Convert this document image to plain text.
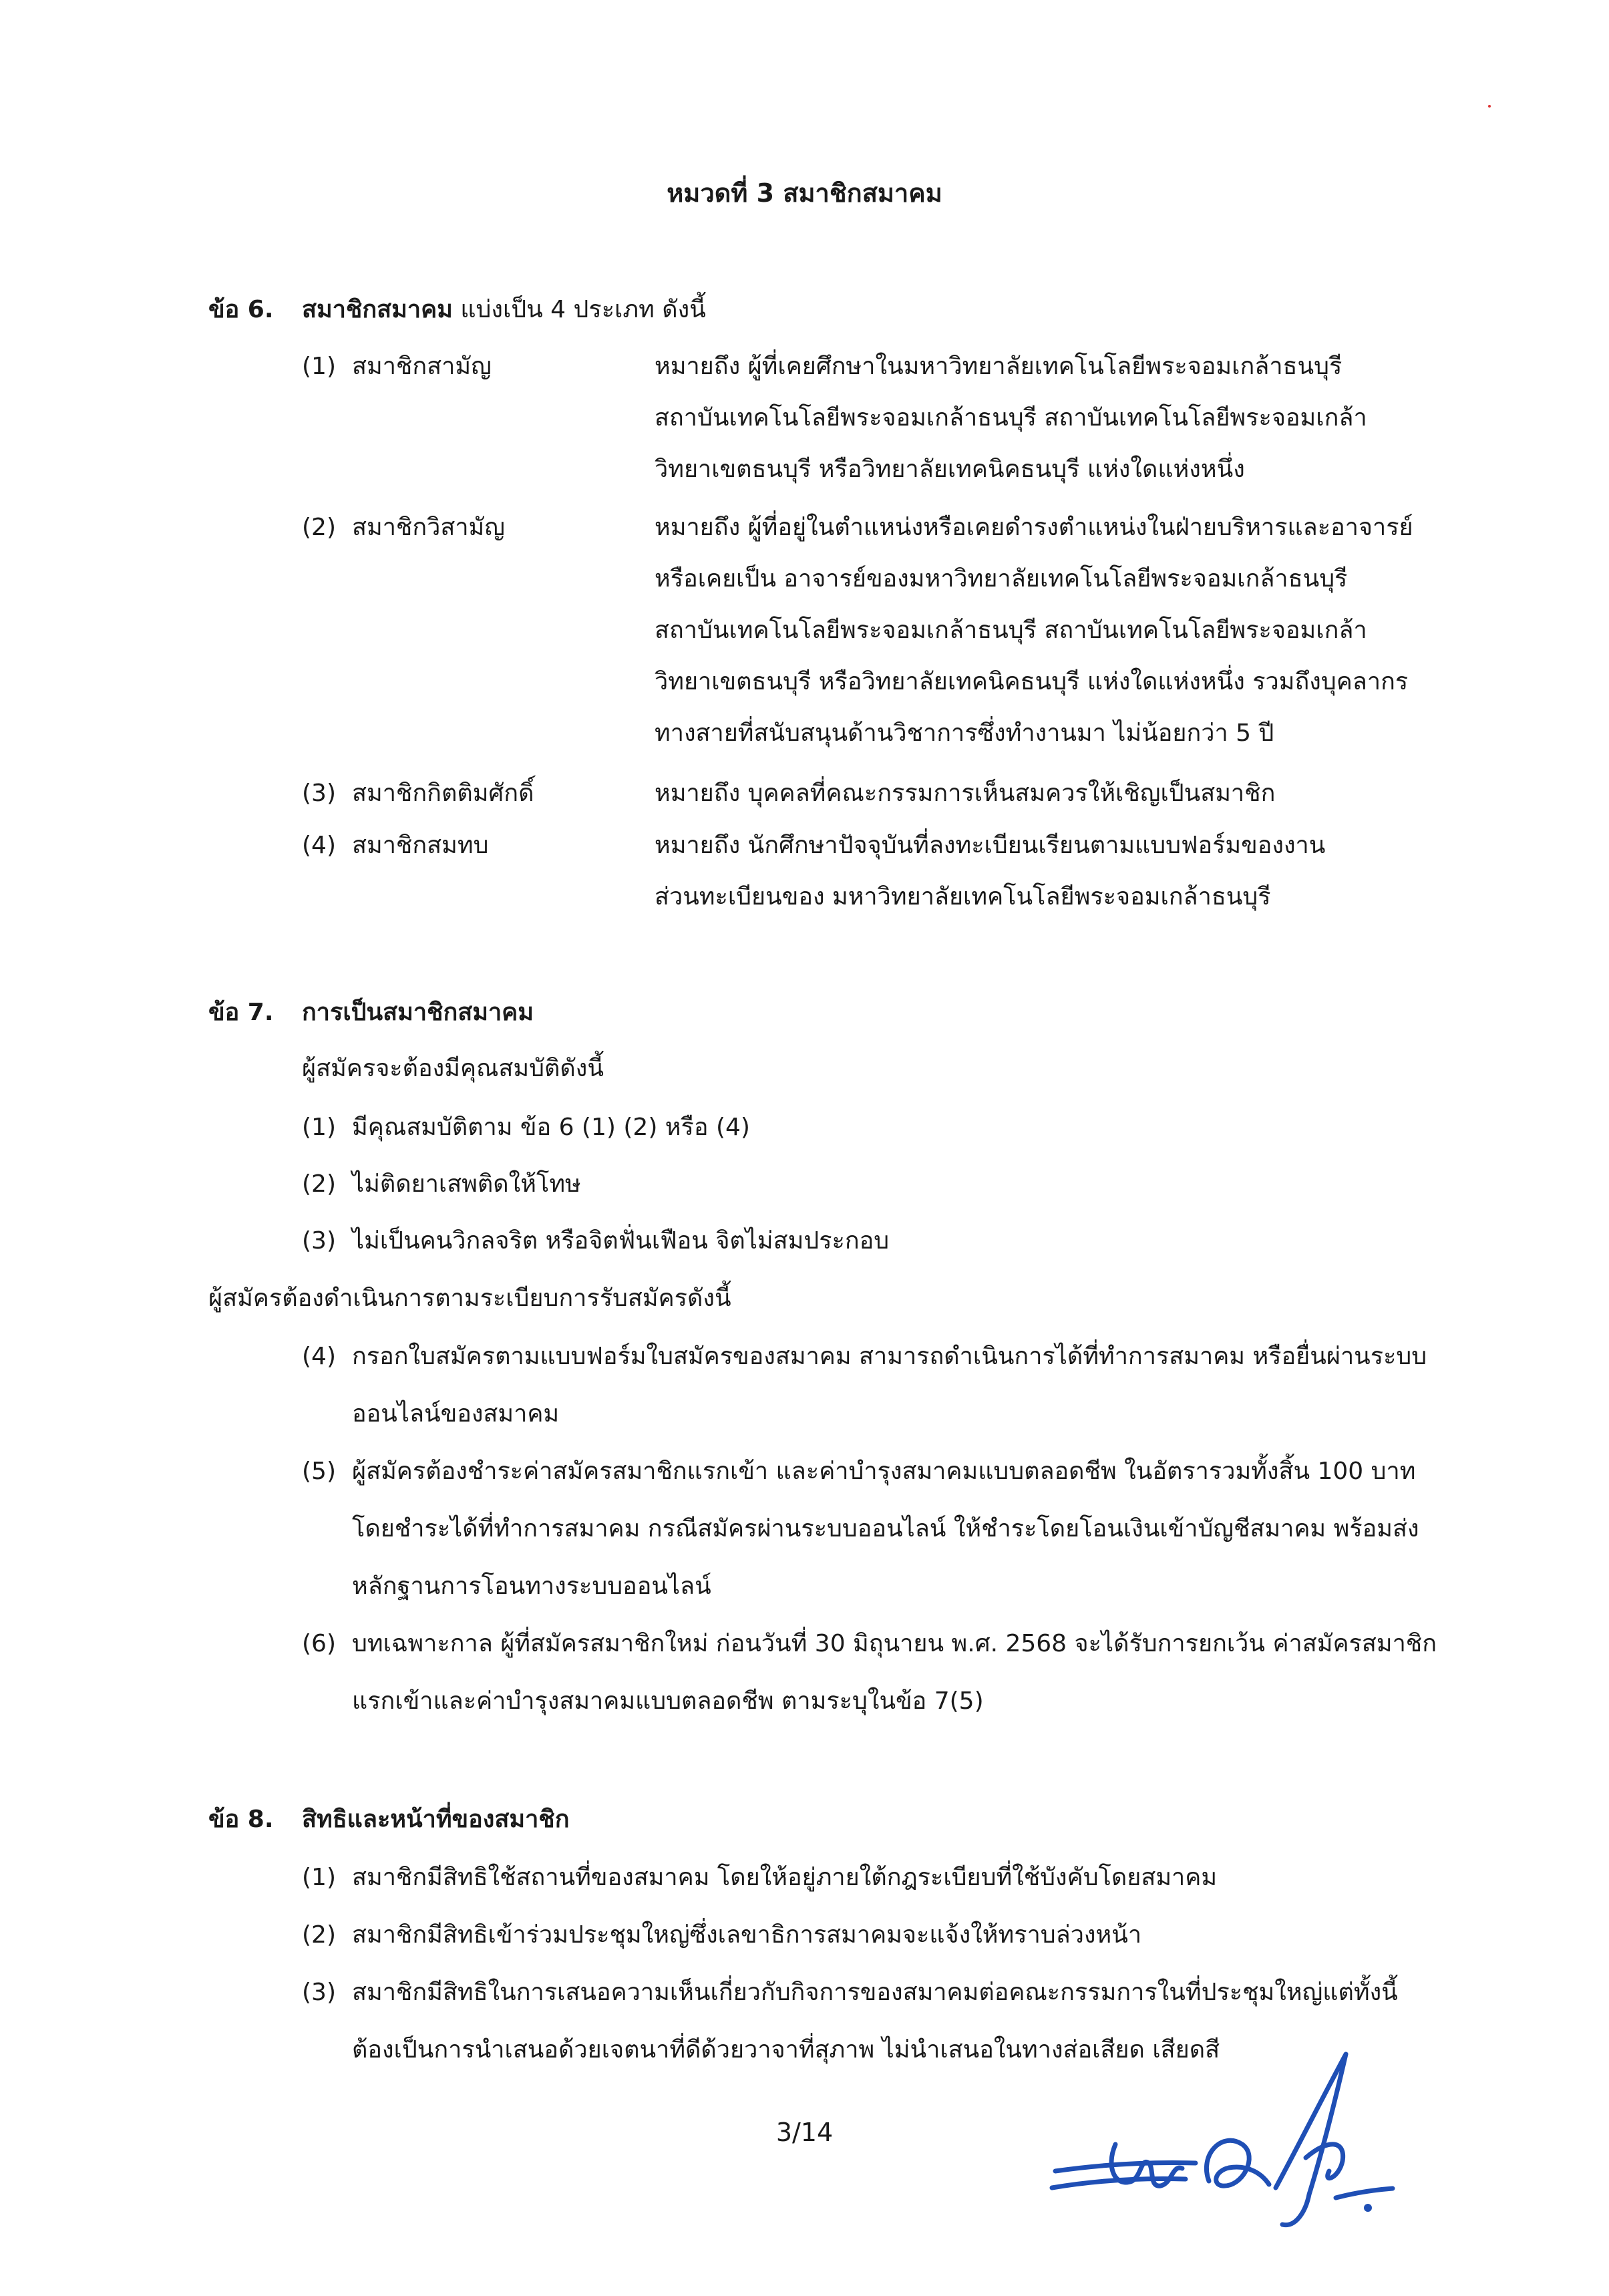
หมวดที่ 3 สมาชิกสมาคม
ข้อ 6. สมาชิกสมาคม แบ่งเป็น 4 ประเภท ดังนี้
(1) สมาชิกสามัญ	หมายถึง ผู้ที่เคยศึกษาในมหาวิทยาลัยเทคโนโลยีพระจอมเกล้าธนบุรี
สถาบันเทคโนโลยีพระจอมเกล้าธนบุรี สถาบันเทคโนโลยีพระจอมเกล้า
วิทยาเขตธนบุรี หรือวิทยาลัยเทคนิคธนบุรี แห่งใดแห่งหนึ่ง
(2) สมาชิกวิสามัญ	หมายถึง ผู้ที่อยู่ในตำแหน่งหรือเคยดำรงตำแหน่งในฝ่ายบริหารและอาจารย์
หรือเคยเป็น อาจารย์ของมหาวิทยาลัยเทคโนโลยีพระจอมเกล้าธนบุรี
สถาบันเทคโนโลยีพระจอมเกล้าธนบุรี สถาบันเทคโนโลยีพระจอมเกล้า
วิทยาเขตธนบุรี หรือวิทยาลัยเทคนิคธนบุรี แห่งใดแห่งหนึ่ง รวมถึงบุคลากร
ทางสายที่สนับสนุนด้านวิชาการซึ่งทำงานมา ไม่น้อยกว่า 5 ปี
(3) สมาชิกกิตติมศักดิ์	หมายถึง บุคคลที่คณะกรรมการเห็นสมควรให้เชิญเป็นสมาชิก
(4) สมาชิกสมทบ	หมายถึง นักศึกษาปัจจุบันที่ลงทะเบียนเรียนตามแบบฟอร์มของงาน
ส่วนทะเบียนของ มหาวิทยาลัยเทคโนโลยีพระจอมเกล้าธนบุรี
ข้อ 7. การเป็นสมาชิกสมาคม
ผู้สมัครจะต้องมีคุณสมบัติดังนี้
(1) มีคุณสมบัติตาม ข้อ 6 (1) (2) หรือ (4)
(2) ไม่ติดยาเสพติดให้โทษ
(3) ไม่เป็นคนวิกลจริต หรือจิตฟั่นเฟือน จิตไม่สมประกอบ
ผู้สมัครต้องดำเนินการตามระเบียบการรับสมัครดังนี้
(4) กรอกใบสมัครตามแบบฟอร์มใบสมัครของสมาคม สามารถดำเนินการได้ที่ทำการสมาคม หรือยื่นผ่านระบบ
ออนไลน์ของสมาคม
(5) ผู้สมัครต้องชำระค่าสมัครสมาชิกแรกเข้า และค่าบำรุงสมาคมแบบตลอดชีพ ในอัตรารวมทั้งสิ้น 100 บาท
โดยชำระได้ที่ทำการสมาคม กรณีสมัครผ่านระบบออนไลน์ ให้ชำระโดยโอนเงินเข้าบัญชีสมาคม พร้อมส่ง
หลักฐานการโอนทางระบบออนไลน์
(6) บทเฉพาะกาล ผู้ที่สมัครสมาชิกใหม่ ก่อนวันที่ 30 มิถุนายน พ.ศ. 2568 จะได้รับการยกเว้น ค่าสมัครสมาชิก
แรกเข้าและค่าบำรุงสมาคมแบบตลอดชีพ ตามระบุในข้อ 7(5)
ข้อ 8. สิทธิและหน้าที่ของสมาชิก
(1) สมาชิกมีสิทธิใช้สถานที่ของสมาคม โดยให้อยู่ภายใต้กฎระเบียบที่ใช้บังคับโดยสมาคม
(2) สมาชิกมีสิทธิเข้าร่วมประชุมใหญ่ซึ่งเลขาธิการสมาคมจะแจ้งให้ทราบล่วงหน้า
(3) สมาชิกมีสิทธิในการเสนอความเห็นเกี่ยวกับกิจการของสมาคมต่อคณะกรรมการในที่ประชุมใหญ่แต่ทั้งนี้
ต้องเป็นการนำเสนอด้วยเจตนาที่ดีด้วยวาจาที่สุภาพ ไม่นำเสนอในทางส่อเสียด เสียดสี
3/14
